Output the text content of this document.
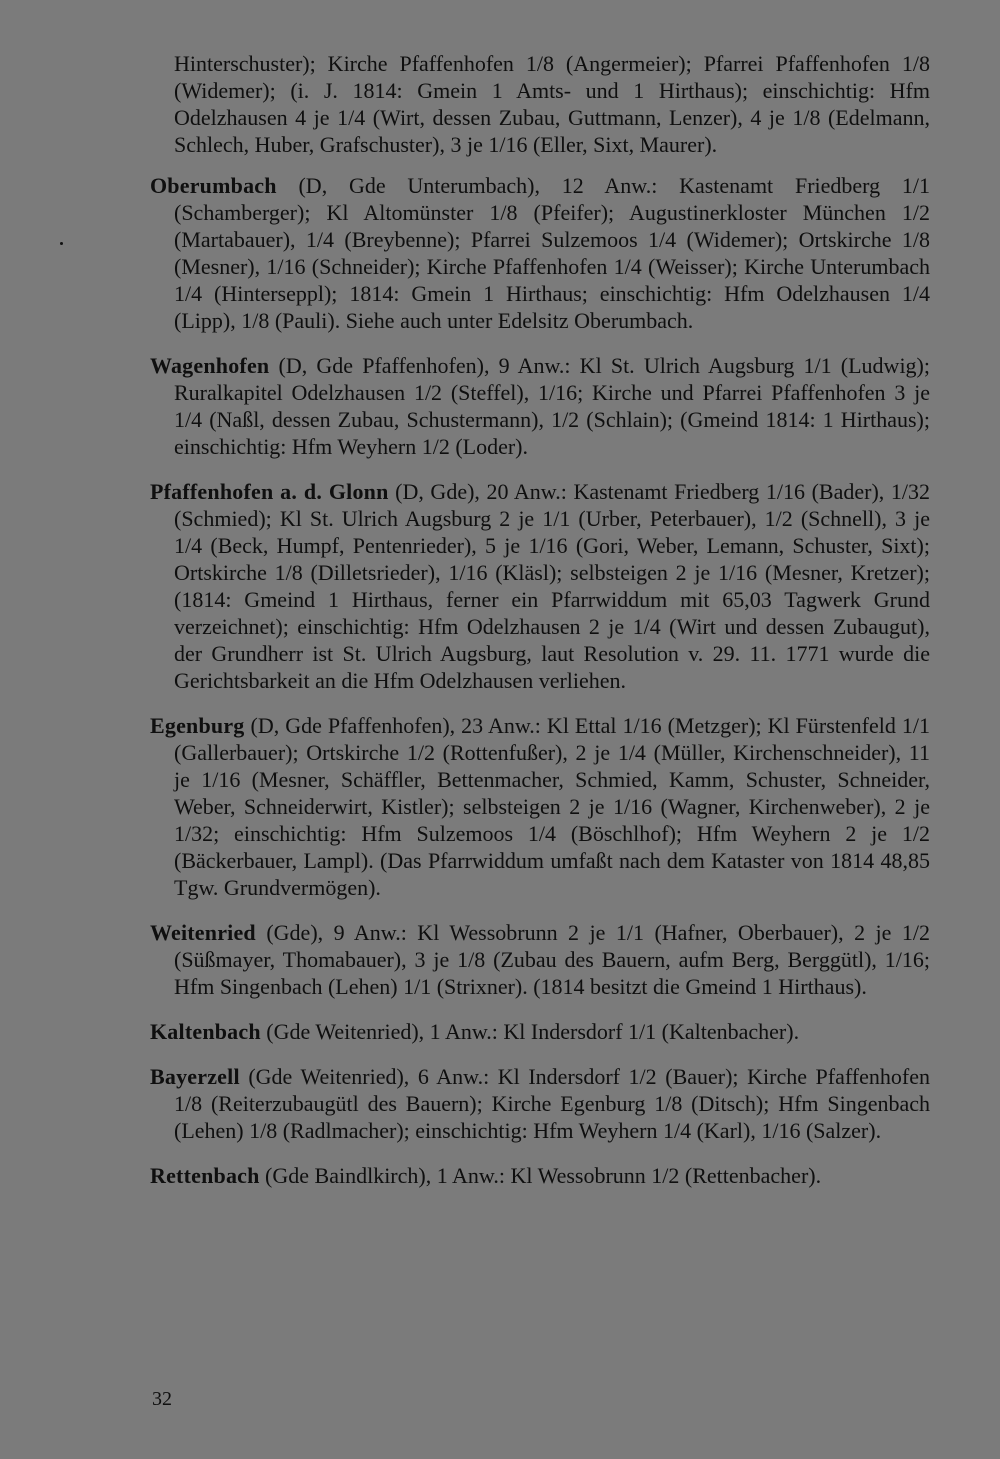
Hinterschuster); Kirche Pfaffenhofen 1/8 (Angermeier); Pfarrei Pfaffenhofen 1/8 (Widemer); (i. J. 1814: Gmein 1 Amts- und 1 Hirthaus); einschichtig: Hfm Odelzhausen 4 je 1/4 (Wirt, dessen Zubau, Guttmann, Lenzer), 4 je 1/8 (Edelmann, Schlech, Huber, Grafschuster), 3 je 1/16 (Eller, Sixt, Maurer).

Oberumbach (D, Gde Unterumbach), 12 Anw.: Kastenamt Friedberg 1/1 (Schamberger); Kl Altomünster 1/8 (Pfeifer); Augustinerkloster München 1/2 (Martabauer), 1/4 (Breybenne); Pfarrei Sulzemoos 1/4 (Widemer); Ortskirche 1/8 (Mesner), 1/16 (Schneider); Kirche Pfaffenhofen 1/4 (Weisser); Kirche Unterumbach 1/4 (Hinterseppl); 1814: Gmein 1 Hirthaus; einschichtig: Hfm Odelzhausen 1/4 (Lipp), 1/8 (Pauli). Siehe auch unter Edelsitz Oberumbach.

Wagenhofen (D, Gde Pfaffenhofen), 9 Anw.: Kl St. Ulrich Augsburg 1/1 (Ludwig); Ruralkapitel Odelzhausen 1/2 (Steffel), 1/16; Kirche und Pfarrei Pfaffenhofen 3 je 1/4 (Naßl, dessen Zubau, Schustermann), 1/2 (Schlain); (Gmeind 1814: 1 Hirthaus); einschichtig: Hfm Weyhern 1/2 (Loder).

Pfaffenhofen a. d. Glonn (D, Gde), 20 Anw.: Kastenamt Friedberg 1/16 (Bader), 1/32 (Schmied); Kl St. Ulrich Augsburg 2 je 1/1 (Urber, Peterbauer), 1/2 (Schnell), 3 je 1/4 (Beck, Humpf, Pentenrieder), 5 je 1/16 (Gori, Weber, Lemann, Schuster, Sixt); Ortskirche 1/8 (Dilletsrieder), 1/16 (Kläsl); selbsteigen 2 je 1/16 (Mesner, Kretzer); (1814: Gmeind 1 Hirthaus, ferner ein Pfarrwiddum mit 65,03 Tagwerk Grund verzeichnet); einschichtig: Hfm Odelzhausen 2 je 1/4 (Wirt und dessen Zubaugut), der Grundherr ist St. Ulrich Augsburg, laut Resolution v. 29. 11. 1771 wurde die Gerichtsbarkeit an die Hfm Odelzhausen verliehen.

Egenburg (D, Gde Pfaffenhofen), 23 Anw.: Kl Ettal 1/16 (Metzger); Kl Fürstenfeld 1/1 (Gallerbauer); Ortskirche 1/2 (Rottenfußer), 2 je 1/4 (Müller, Kirchenschneider), 11 je 1/16 (Mesner, Schäffler, Bettenmacher, Schmied, Kamm, Schuster, Schneider, Weber, Schneiderwirt, Kistler); selbsteigen 2 je 1/16 (Wagner, Kirchenweber), 2 je 1/32; einschichtig: Hfm Sulzemoos 1/4 (Böschlhof); Hfm Weyhern 2 je 1/2 (Bäckerbauer, Lampl). (Das Pfarrwiddum umfaßt nach dem Kataster von 1814 48,85 Tgw. Grundvermögen).

Weitenried (Gde), 9 Anw.: Kl Wessobrunn 2 je 1/1 (Hafner, Oberbauer), 2 je 1/2 (Süßmayer, Thomabauer), 3 je 1/8 (Zubau des Bauern, aufm Berg, Berggütl), 1/16; Hfm Singenbach (Lehen) 1/1 (Strixner). (1814 besitzt die Gmeind 1 Hirthaus).

Kaltenbach (Gde Weitenried), 1 Anw.: Kl Indersdorf 1/1 (Kaltenbacher).

Bayerzell (Gde Weitenried), 6 Anw.: Kl Indersdorf 1/2 (Bauer); Kirche Pfaffenhofen 1/8 (Reiterzubaugütl des Bauern); Kirche Egenburg 1/8 (Ditsch); Hfm Singenbach (Lehen) 1/8 (Radlmacher); einschichtig: Hfm Weyhern 1/4 (Karl), 1/16 (Salzer).

Rettenbach (Gde Baindlkirch), 1 Anw.: Kl Wessobrunn 1/2 (Rettenbacher).

32
